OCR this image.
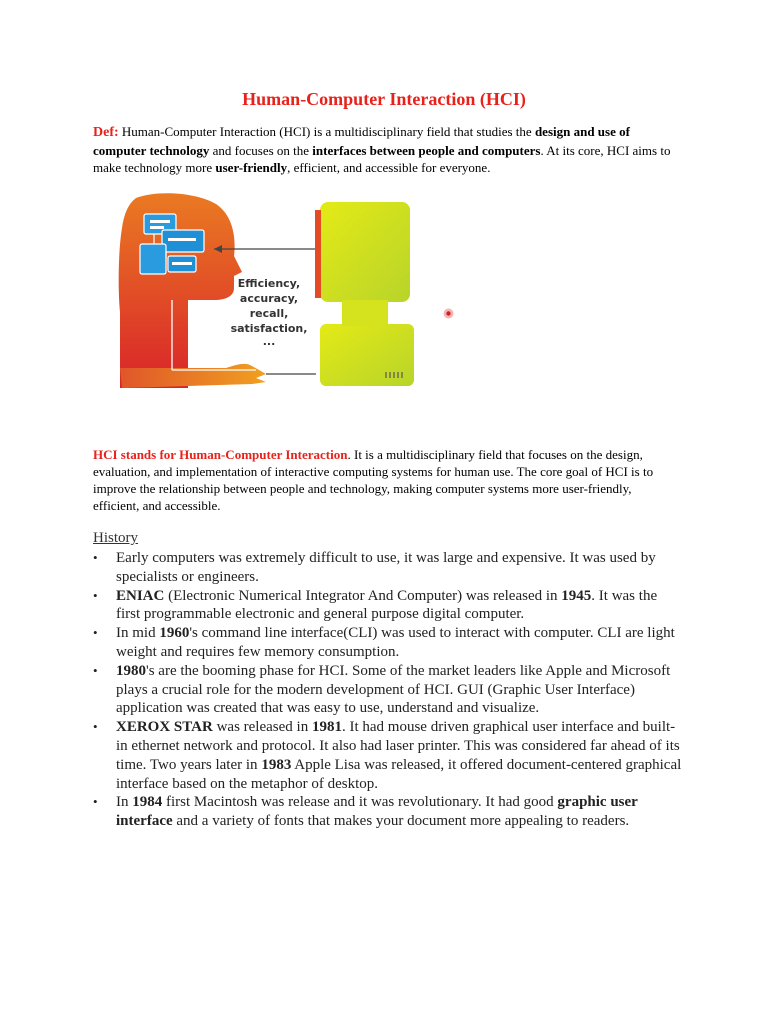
Human-Computer Interaction (HCI)
Def: Human-Computer Interaction (HCI) is a multidisciplinary field that studies the design and use of computer technology and focuses on the interfaces between people and computers. At its core, HCI aims to make technology more user-friendly, efficient, and accessible for everyone.
Efficiency,
accuracy,
recall,
satisfaction,
...
HCI stands for Human-Computer Interaction. It is a multidisciplinary field that focuses on the design, evaluation, and implementation of interactive computing systems for human use. The core goal of HCI is to improve the relationship between people and technology, making computer systems more user-friendly, efficient, and accessible.
History
• Early computers was extremely difficult to use, it was large and expensive. It was used by specialists or engineers.
• ENIAC (Electronic Numerical Integrator And Computer) was released in 1945. It was the first programmable electronic and general purpose digital computer.
• In mid 1960's command line interface(CLI) was used to interact with computer. CLI are light weight and requires few memory consumption.
• 1980's are the booming phase for HCI. Some of the market leaders like Apple and Microsoft plays a crucial role for the modern development of HCI. GUI (Graphic User Interface) application was created that was easy to use, understand and visualize.
• XEROX STAR was released in 1981. It had mouse driven graphical user interface and built-in ethernet network and protocol. It also had laser printer. This was considered far ahead of its time. Two years later in 1983 Apple Lisa was released, it offered document-centered graphical interface based on the metaphor of desktop.
• In 1984 first Macintosh was release and it was revolutionary. It had good graphic user interface and a variety of fonts that makes your document more appealing to readers.
